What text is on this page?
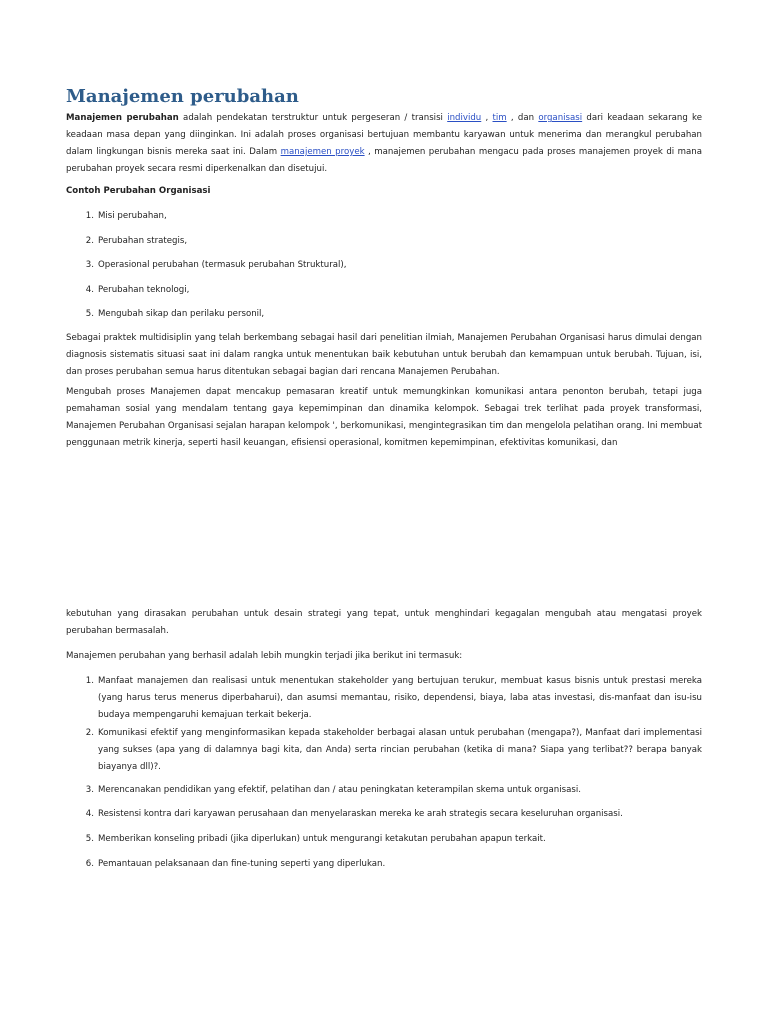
Manajemen perubahan

Manajemen perubahan adalah pendekatan terstruktur untuk pergeseran / transisi individu , tim , dan organisasi dari keadaan sekarang ke keadaan masa depan yang diinginkan. Ini adalah proses organisasi bertujuan membantu karyawan untuk menerima dan merangkul perubahan dalam lingkungan bisnis mereka saat ini. Dalam manajemen proyek , manajemen perubahan mengacu pada proses manajemen proyek di mana perubahan proyek secara resmi diperkenalkan dan disetujui.

Contoh Perubahan Organisasi

1. Misi perubahan,
2. Perubahan strategis,
3. Operasional perubahan (termasuk perubahan Struktural),
4. Perubahan teknologi,
5. Mengubah sikap dan perilaku personil,

Sebagai praktek multidisiplin yang telah berkembang sebagai hasil dari penelitian ilmiah, Manajemen Perubahan Organisasi harus dimulai dengan diagnosis sistematis situasi saat ini dalam rangka untuk menentukan baik kebutuhan untuk berubah dan kemampuan untuk berubah. Tujuan, isi, dan proses perubahan semua harus ditentukan sebagai bagian dari rencana Manajemen Perubahan.

Mengubah proses Manajemen dapat mencakup pemasaran kreatif untuk memungkinkan komunikasi antara penonton berubah, tetapi juga pemahaman sosial yang mendalam tentang gaya kepemimpinan dan dinamika kelompok. Sebagai trek terlihat pada proyek transformasi, Manajemen Perubahan Organisasi sejalan harapan kelompok ', berkomunikasi, mengintegrasikan tim dan mengelola pelatihan orang. Ini membuat penggunaan metrik kinerja, seperti hasil keuangan, efisiensi operasional, komitmen kepemimpinan, efektivitas komunikasi, dan

kebutuhan yang dirasakan perubahan untuk desain strategi yang tepat, untuk menghindari kegagalan mengubah atau mengatasi proyek perubahan bermasalah.

Manajemen perubahan yang berhasil adalah lebih mungkin terjadi jika berikut ini termasuk:

1. Manfaat manajemen dan realisasi untuk menentukan stakeholder yang bertujuan terukur, membuat kasus bisnis untuk prestasi mereka (yang harus terus menerus diperbaharui), dan asumsi memantau, risiko, dependensi, biaya, laba atas investasi, dis-manfaat dan isu-isu budaya mempengaruhi kemajuan terkait bekerja.
2. Komunikasi efektif yang menginformasikan kepada stakeholder berbagai alasan untuk perubahan (mengapa?), Manfaat dari implementasi yang sukses (apa yang di dalamnya bagi kita, dan Anda) serta rincian perubahan (ketika di mana? Siapa yang terlibat?? berapa banyak biayanya dll)?.
3. Merencanakan pendidikan yang efektif, pelatihan dan / atau peningkatan keterampilan skema untuk organisasi.
4. Resistensi kontra dari karyawan perusahaan dan menyelaraskan mereka ke arah strategis secara keseluruhan organisasi.
5. Memberikan konseling pribadi (jika diperlukan) untuk mengurangi ketakutan perubahan apapun terkait.
6. Pemantauan pelaksanaan dan fine-tuning seperti yang diperlukan.
